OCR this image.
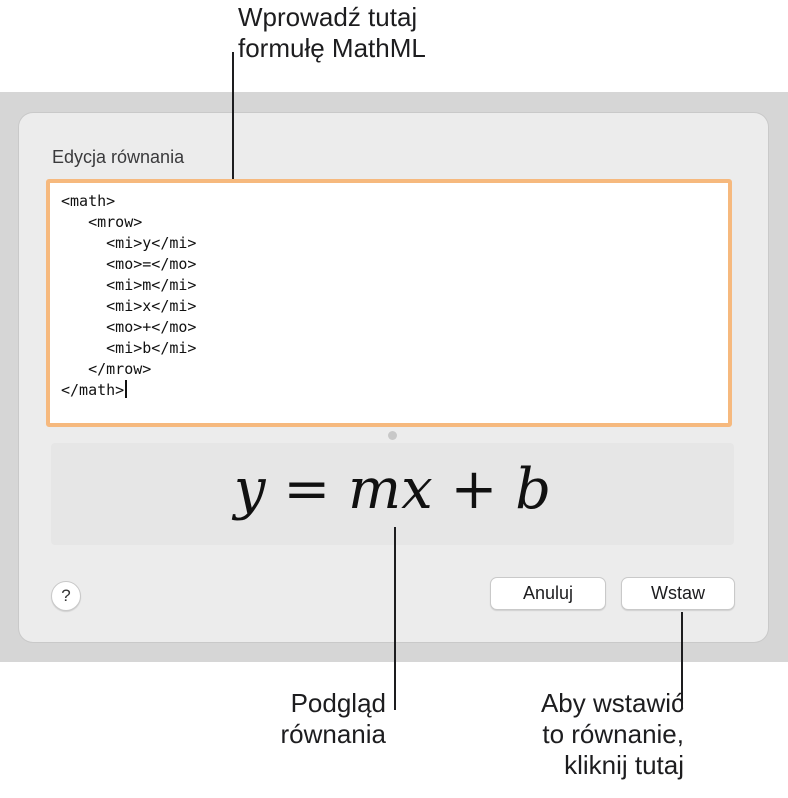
Edycja równania
<math>
<mrow>
<mi>y</mi>
<mo>=</mo>
<mi>m</mi>
<mi>x</mi>
<mo>+</mo>
<mi>b</mi>
</mrow>
</math>
y = mx + b
?	Anuluj	Wstaw
Wprowadź tutaj
formułę MathML
Podgląd
równania
Aby wstawić
to równanie,
kliknij tutaj
